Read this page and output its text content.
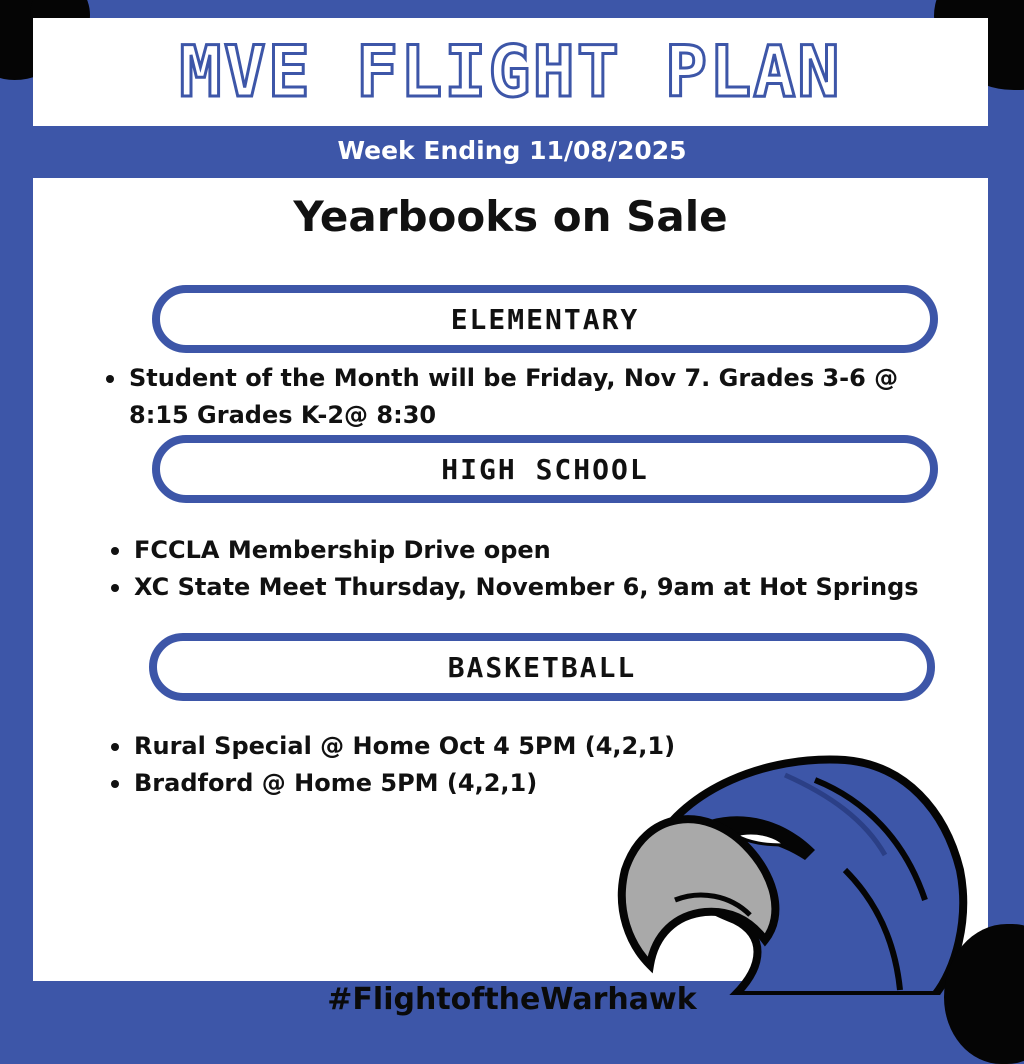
MVE FLIGHT PLAN
Week Ending 11/08/2025
Yearbooks on Sale
ELEMENTARY
Student of the Month will be Friday, Nov 7. Grades 3-6 @ 8:15 Grades K-2@ 8:30
HIGH SCHOOL
FCCLA Membership Drive open
XC State Meet Thursday, November 6, 9am at Hot Springs
BASKETBALL
Rural Special @ Home Oct 4 5PM (4,2,1)
Bradford @ Home 5PM (4,2,1)
#FlightoftheWarhawk
